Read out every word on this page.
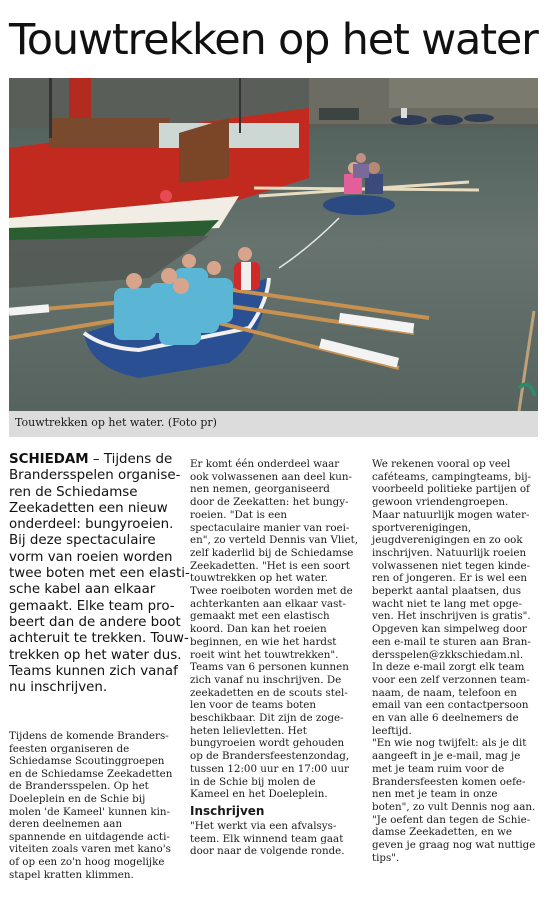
Touwtrekken op het water
Touwtrekken op het water. (Foto pr)

SCHIEDAM – Tijdens de

Brandersspelen organise-

ren de Schiedamse

Zeekadetten een nieuw

onderdeel: bungyroeien.

Bij deze spectaculaire

vorm van roeien worden

twee boten met een elasti-

sche kabel aan elkaar

gemaakt. Elke team pro-

beert dan de andere boot

achteruit te trekken. Touw-

trekken op het water dus.

Teams kunnen zich vanaf

nu inschrijven.

Tijdens de komende Branders-

feesten organiseren de

Schiedamse Scoutinggroepen

en de Schiedamse Zeekadetten

de Brandersspelen. Op het

Doeleplein en de Schie bij

molen 'de Kameel' kunnen kin-

deren deelnemen aan

spannende en uitdagende acti-

viteiten zoals varen met kano's

of op een zo'n hoog mogelijke

stapel kratten klimmen.

Er komt één onderdeel waar

ook volwassenen aan deel kun-

nen nemen, georganiseerd

door de Zeekatten: het bungy-

roeien. "Dat is een

spectaculaire manier van roei-

en", zo verteld Dennis van Vliet,

zelf kaderlid bij de Schiedamse

Zeekadetten. "Het is een soort

touwtrekken op het water.

Twee roeiboten worden met de

achterkanten aan elkaar vast-

gemaakt met een elastisch

koord. Dan kan het roeien

beginnen, en wie het hardst

roeit wint het touwtrekken".

Teams van 6 personen kunnen

zich vanaf nu inschrijven. De

zeekadetten en de scouts stel-

len voor de teams boten

beschikbaar. Dit zijn de zoge-

heten lelievletten. Het

bungyroeien wordt gehouden

op de Brandersfeestenzondag,

tussen 12:00 uur en 17:00 uur

in de Schie bij molen de

Kameel en het Doeleplein.

Inschrijven

"Het werkt via een afvalsys-

teem. Elk winnend team gaat

door naar de volgende ronde.

We rekenen vooral op veel

caféteams, campingteams, bij-

voorbeeld politieke partijen of

gewoon vriendengroepen.

Maar natuurlijk mogen water-

sportverenigingen,

jeugdverenigingen en zo ook

inschrijven. Natuurlijk roeien

volwassenen niet tegen kinde-

ren of jongeren. Er is wel een

beperkt aantal plaatsen, dus

wacht niet te lang met opge-

ven. Het inschrijven is gratis".

Opgeven kan simpelweg door

een e-mail te sturen aan Bran-

dersspelen@zkkschiedam.nl.

In deze e-mail zorgt elk team

voor een zelf verzonnen team-

naam, de naam, telefoon en

email van een contactpersoon

en van alle 6 deelnemers de

leeftijd.

"En wie nog twijfelt: als je dit

aangeeft in je e-mail, mag je

met je team ruim voor de

Brandersfeesten komen oefe-

nen met je team in onze

boten", zo vult Dennis nog aan.

"Je oefent dan tegen de Schie-

damse Zeekadetten, en we

geven je graag nog wat nuttige

tips".
